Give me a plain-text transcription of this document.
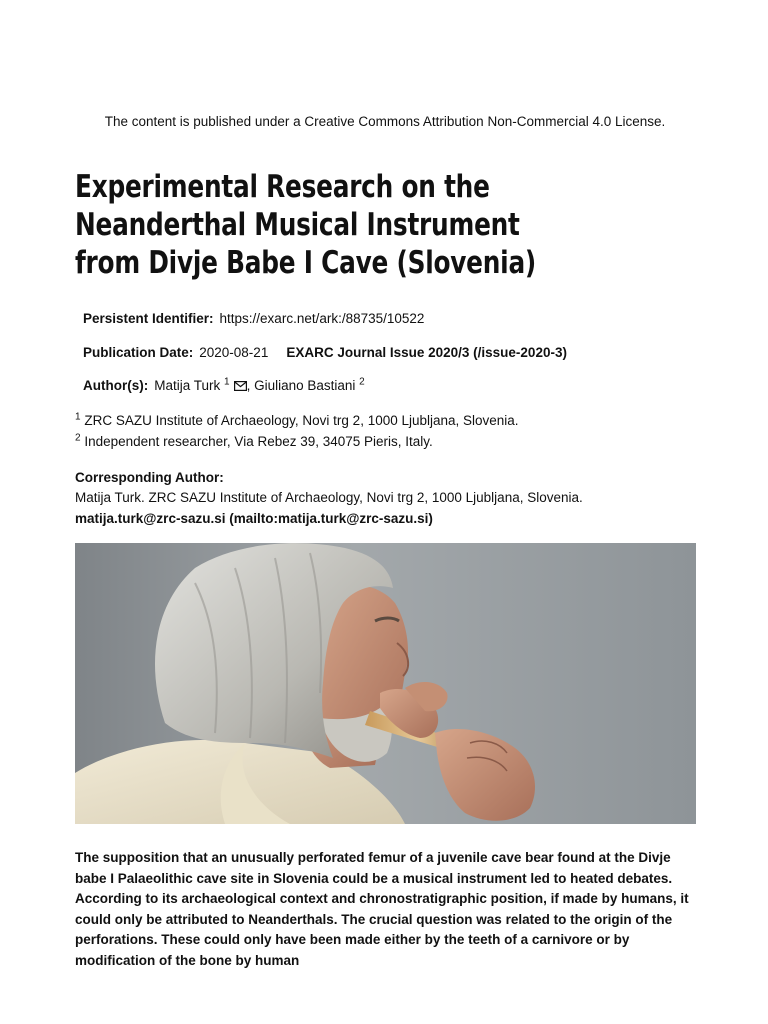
The content is published under a Creative Commons Attribution Non-Commercial 4.0 License.
Experimental Research on the Neanderthal Musical Instrument from Divje Babe I Cave (Slovenia)
Persistent Identifier: https://exarc.net/ark:/88735/10522
Publication Date: 2020-08-21 EXARC Journal Issue 2020/3 (/issue-2020-3)
Author(s): Matija Turk $^1$ , Giuliano Bastiani $^2$
$^1$ ZRC SAZU Institute of Archaeology, Novi trg 2, 1000 Ljubljana, Slovenia.
$^2$ Independent researcher, Via Rebez 39, 34075 Pieris, Italy.
Corresponding Author:
Matija Turk. ZRC SAZU Institute of Archaeology, Novi trg 2, 1000 Ljubljana, Slovenia.
matija.turk@zrc-sazu.si (mailto:matija.turk@zrc-sazu.si)

The supposition that an unusually perforated femur of a juvenile cave bear found at the Divje babe I Palaeolithic cave site in Slovenia could be a musical instrument led to heated debates. According to its archaeological context and chronostratigraphic position, if made by humans, it could only be attributed to Neanderthals. The crucial question was related to the origin of the perforations. These could only have been made either by the teeth of a carnivore or by modification of the bone by human
